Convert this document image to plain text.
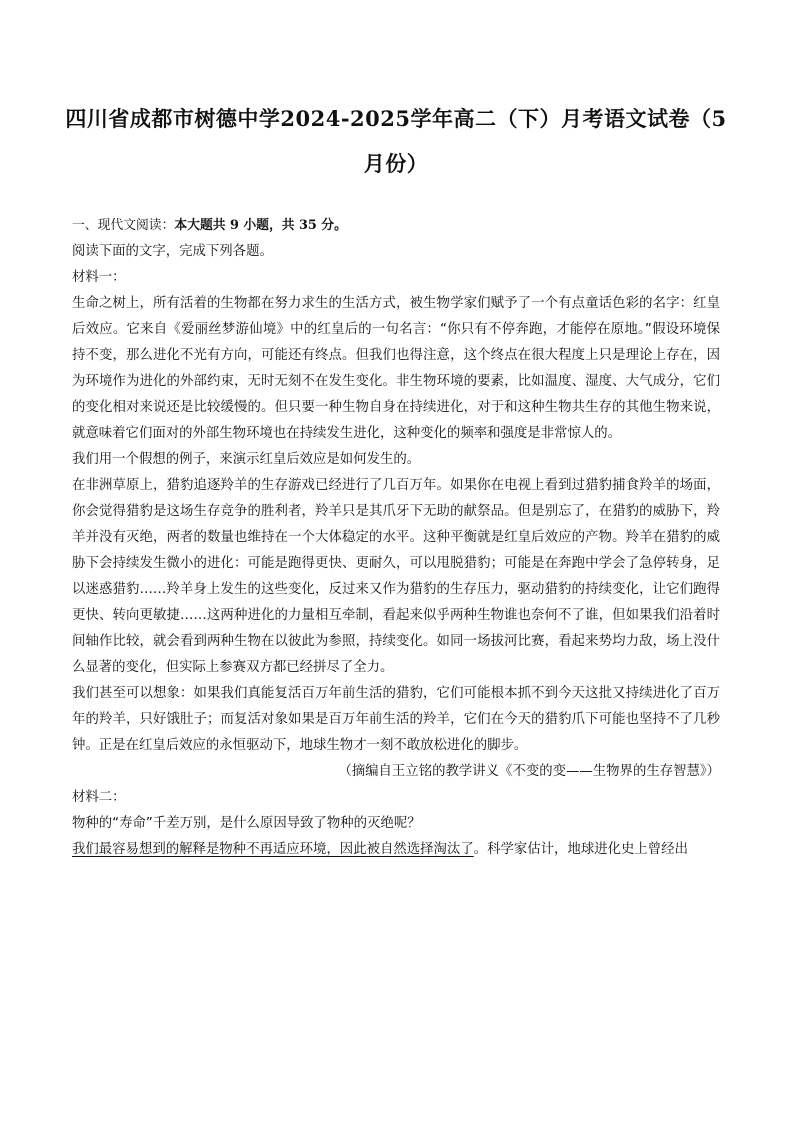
四川省成都市树德中学2024-2025学年高二（下）月考语文试卷（5月份）

一、现代文阅读：本大题共 9 小题，共 35 分。

阅读下面的文字，完成下列各题。

材料一：

生命之树上，所有活着的生物都在努力求生的生活方式，被生物学家们赋予了一个有点童话色彩的名字：红皇后效应。它来自《爱丽丝梦游仙境》中的红皇后的一句名言：“你只有不停奔跑，才能停在原地。”假设环境保持不变，那么进化不光有方向，可能还有终点。但我们也得注意，这个终点在很大程度上只是理论上存在，因为环境作为进化的外部约束，无时无刻不在发生变化。非生物环境的要素，比如温度、湿度、大气成分，它们的变化相对来说还是比较缓慢的。但只要一种生物自身在持续进化，对于和这种生物共生存的其他生物来说，就意味着它们面对的外部生物环境也在持续发生进化，这种变化的频率和强度是非常惊人的。

我们用一个假想的例子，来演示红皇后效应是如何发生的。

在非洲草原上，猎豹追逐羚羊的生存游戏已经进行了几百万年。如果你在电视上看到过猎豹捕食羚羊的场面，你会觉得猎豹是这场生存竞争的胜利者，羚羊只是其爪牙下无助的献祭品。但是别忘了，在猎豹的威胁下，羚羊并没有灭绝，两者的数量也维持在一个大体稳定的水平。这种平衡就是红皇后效应的产物。羚羊在猎豹的威胁下会持续发生微小的进化：可能是跑得更快、更耐久，可以甩脱猎豹；可能是在奔跑中学会了急停转身，足以迷惑猎豹……羚羊身上发生的这些变化，反过来又作为猎豹的生存压力，驱动猎豹的持续变化，让它们跑得更快、转向更敏捷……这两种进化的力量相互牵制，看起来似乎两种生物谁也奈何不了谁，但如果我们沿着时间轴作比较，就会看到两种生物在以彼此为参照，持续变化。如同一场拔河比赛，看起来势均力敌，场上没什么显著的变化，但实际上参赛双方都已经拼尽了全力。

我们甚至可以想象：如果我们真能复活百万年前生活的猎豹，它们可能根本抓不到今天这批又持续进化了百万年的羚羊，只好饿肚子；而复活对象如果是百万年前生活的羚羊，它们在今天的猎豹爪下可能也坚持不了几秒钟。正是在红皇后效应的永恒驱动下，地球生物才一刻不敢放松进化的脚步。

（摘编自王立铭的教学讲义《不变的变——生物界的生存智慧》）

材料二：

物种的“寿命”千差万别，是什么原因导致了物种的灭绝呢？

我们最容易想到的解释是物种不再适应环境，因此被自然选择淘汰了。科学家估计，地球进化史上曾经出
